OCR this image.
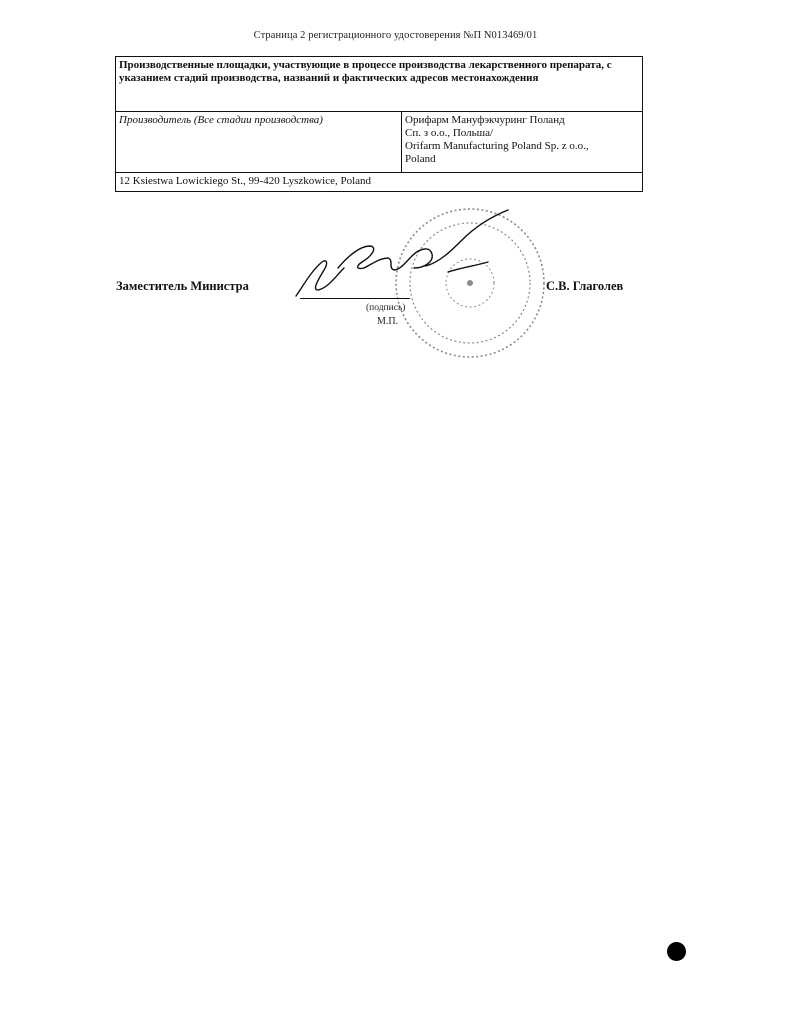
Страница 2 регистрационного удостоверения №П N013469/01
Производственные площадки, участвующие в процессе производства лекарственного препарата, с указанием стадий производства, названий и фактических адресов местонахождения
Производитель (Все стадии производства)	Орифарм Мануфэкчуринг Поланд
Сп. з о.о., Польша/
Orifarm Manufacturing Poland Sp. z o.o.,
Poland

12 Ksiestwa Lowickiego St., 99-420 Lyszkowice, Poland
Заместитель Министра
(подпись)
М.П.
С.В. Глаголев
